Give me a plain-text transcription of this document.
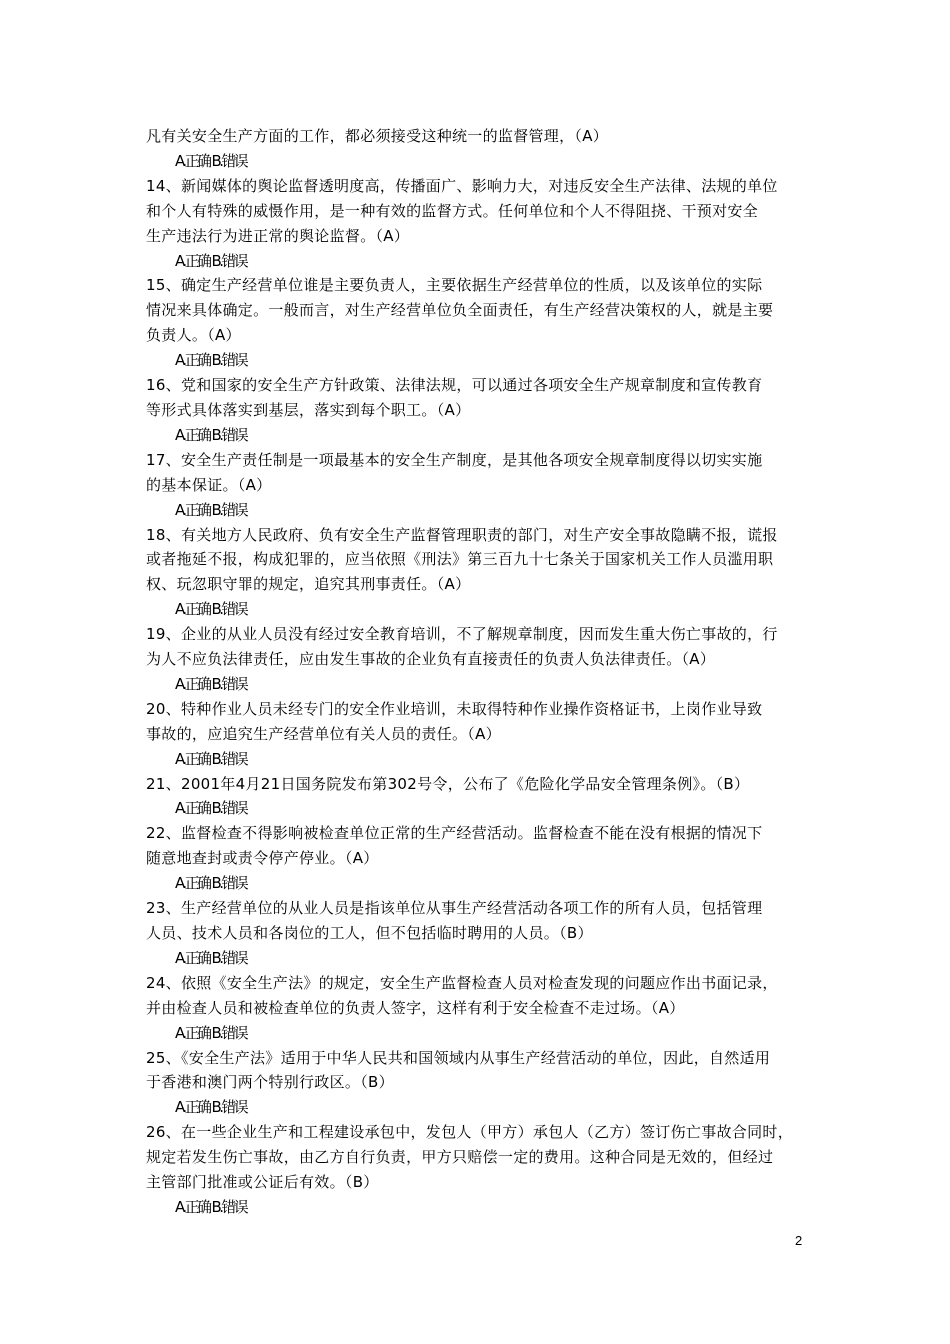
凡有关安全生产方面的工作，都必须接受这种统一的监督管理，（A）
A.正确 B.错误
14、新闻媒体的舆论监督透明度高，传播面广、影响力大，对违反安全生产法律、法规的单位
和个人有特殊的威慑作用，是一种有效的监督方式。任何单位和个人不得阻挠、干预对安全
生产违法行为进正常的舆论监督。（A）
A.正确 B.错误
15、确定生产经营单位谁是主要负责人，主要依据生产经营单位的性质，以及该单位的实际
情况来具体确定。一般而言，对生产经营单位负全面责任，有生产经营决策权的人，就是主要
负责人。（A）
A.正确 B.错误
16、党和国家的安全生产方针政策、法律法规，可以通过各项安全生产规章制度和宣传教育
等形式具体落实到基层，落实到每个职工。（A）
A.正确 B.错误
17、安全生产责任制是一项最基本的安全生产制度，是其他各项安全规章制度得以切实实施
的基本保证。（A）
A.正确 B.错误
18、有关地方人民政府、负有安全生产监督管理职责的部门，对生产安全事故隐瞒不报，谎报
或者拖延不报，构成犯罪的，应当依照《刑法》第三百九十七条关于国家机关工作人员滥用职
权、玩忽职守罪的规定，追究其刑事责任。（A）
A.正确 B.错误
19、企业的从业人员没有经过安全教育培训，不了解规章制度，因而发生重大伤亡事故的，行
为人不应负法律责任，应由发生事故的企业负有直接责任的负责人负法律责任。（A）
A.正确 B.错误
20、特种作业人员未经专门的安全作业培训，未取得特种作业操作资格证书，上岗作业导致
事故的，应追究生产经营单位有关人员的责任。（A）
A.正确 B.错误
21、2001年4月21日国务院发布第302号令，公布了《危险化学品安全管理条例》。（B）
A.正确 B.错误
22、监督检查不得影响被检查单位正常的生产经营活动。监督检查不能在没有根据的情况下
随意地查封或责令停产停业。（A）
A.正确 B.错误
23、生产经营单位的从业人员是指该单位从事生产经营活动各项工作的所有人员，包括管理
人员、技术人员和各岗位的工人，但不包括临时聘用的人员。（B）
A.正确 B.错误
24、依照《安全生产法》的规定，安全生产监督检查人员对检查发现的问题应作出书面记录，
并由检查人员和被检查单位的负责人签字，这样有利于安全检查不走过场。（A）
A.正确 B.错误
25、《安全生产法》适用于中华人民共和国领域内从事生产经营活动的单位，因此，自然适用
于香港和澳门两个特别行政区。（B）
A.正确 B.错误
26、在一些企业生产和工程建设承包中，发包人（甲方）承包人（乙方）签订伤亡事故合同时，
规定若发生伤亡事故，由乙方自行负责，甲方只赔偿一定的费用。这种合同是无效的，但经过
主管部门批准或公证后有效。（B）
A.正确 B.错误
2
